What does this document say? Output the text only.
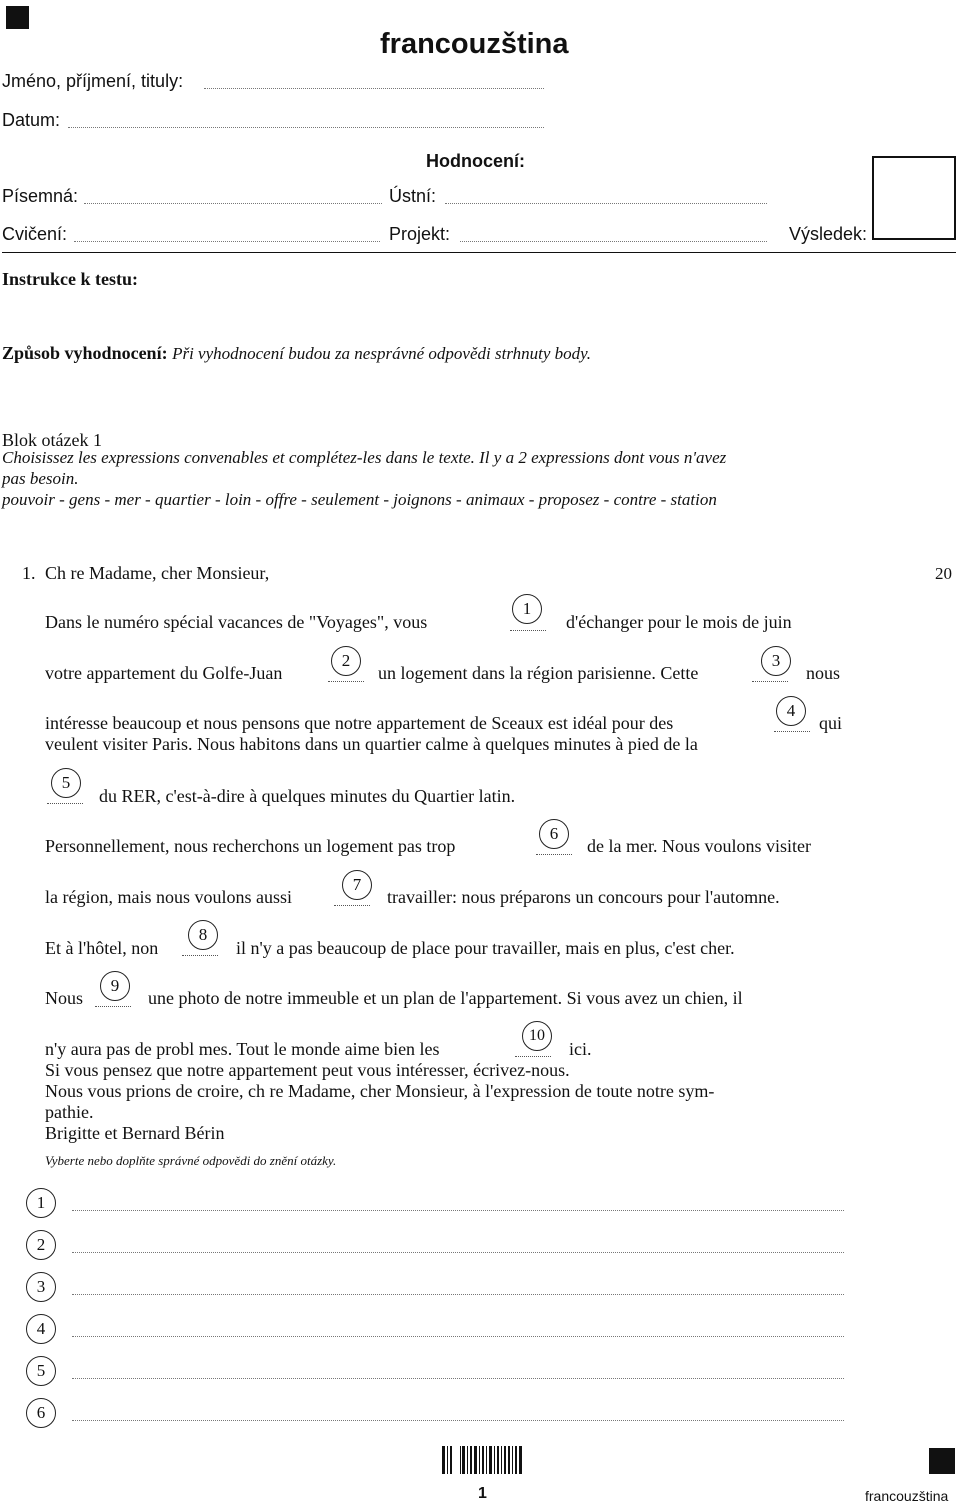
francouzština
Jméno, příjmení, tituly:
Datum:
Hodnocení:
Písemná:	Ústní:
Cvičení:	Projekt:	Výsledek:
Instrukce k testu:
Způsob vyhodnocení: Při vyhodnocení budou za nesprávné odpovědi strhnuty body.
Blok otázek 1
Choisissez les expressions convenables et complétez-les dans le texte. Il y a 2 expressions dont vous n'avez
pas besoin.
pouvoir - gens - mer - quartier - loin - offre - seulement - joignons - animaux - proposez - contre - station
1. Ch re Madame, cher Monsieur,	20
Dans le numéro spécial vacances de "Voyages", vous
1
d'échanger pour le mois de juin
votre appartement du Golfe-Juan
2
un logement dans la région parisienne. Cette
3
nous
intéresse beaucoup et nous pensons que notre appartement de Sceaux est idéal pour des
4
qui
veulent visiter Paris. Nous habitons dans un quartier calme à quelques minutes à pied de la
5
du RER, c'est-à-dire à quelques minutes du Quartier latin.
Personnellement, nous recherchons un logement pas trop
6
de la mer. Nous voulons visiter
la région, mais nous voulons aussi
7
travailler: nous préparons un concours pour l'automne.
Et à l'hôtel, non
8
il n'y a pas beaucoup de place pour travailler, mais en plus, c'est cher.
Nous
9
une photo de notre immeuble et un plan de l'appartement. Si vous avez un chien, il
n'y aura pas de probl mes. Tout le monde aime bien les
10
ici.
Si vous pensez que notre appartement peut vous intéresser, écrivez-nous.
Nous vous prions de croire, ch re Madame, cher Monsieur, à l'expression de toute notre sym-
pathie.
Brigitte et Bernard Bérin
Vyberte nebo doplňte správné odpovědi do znění otázky.
1
2
3
4
5
6
1	francouzština
